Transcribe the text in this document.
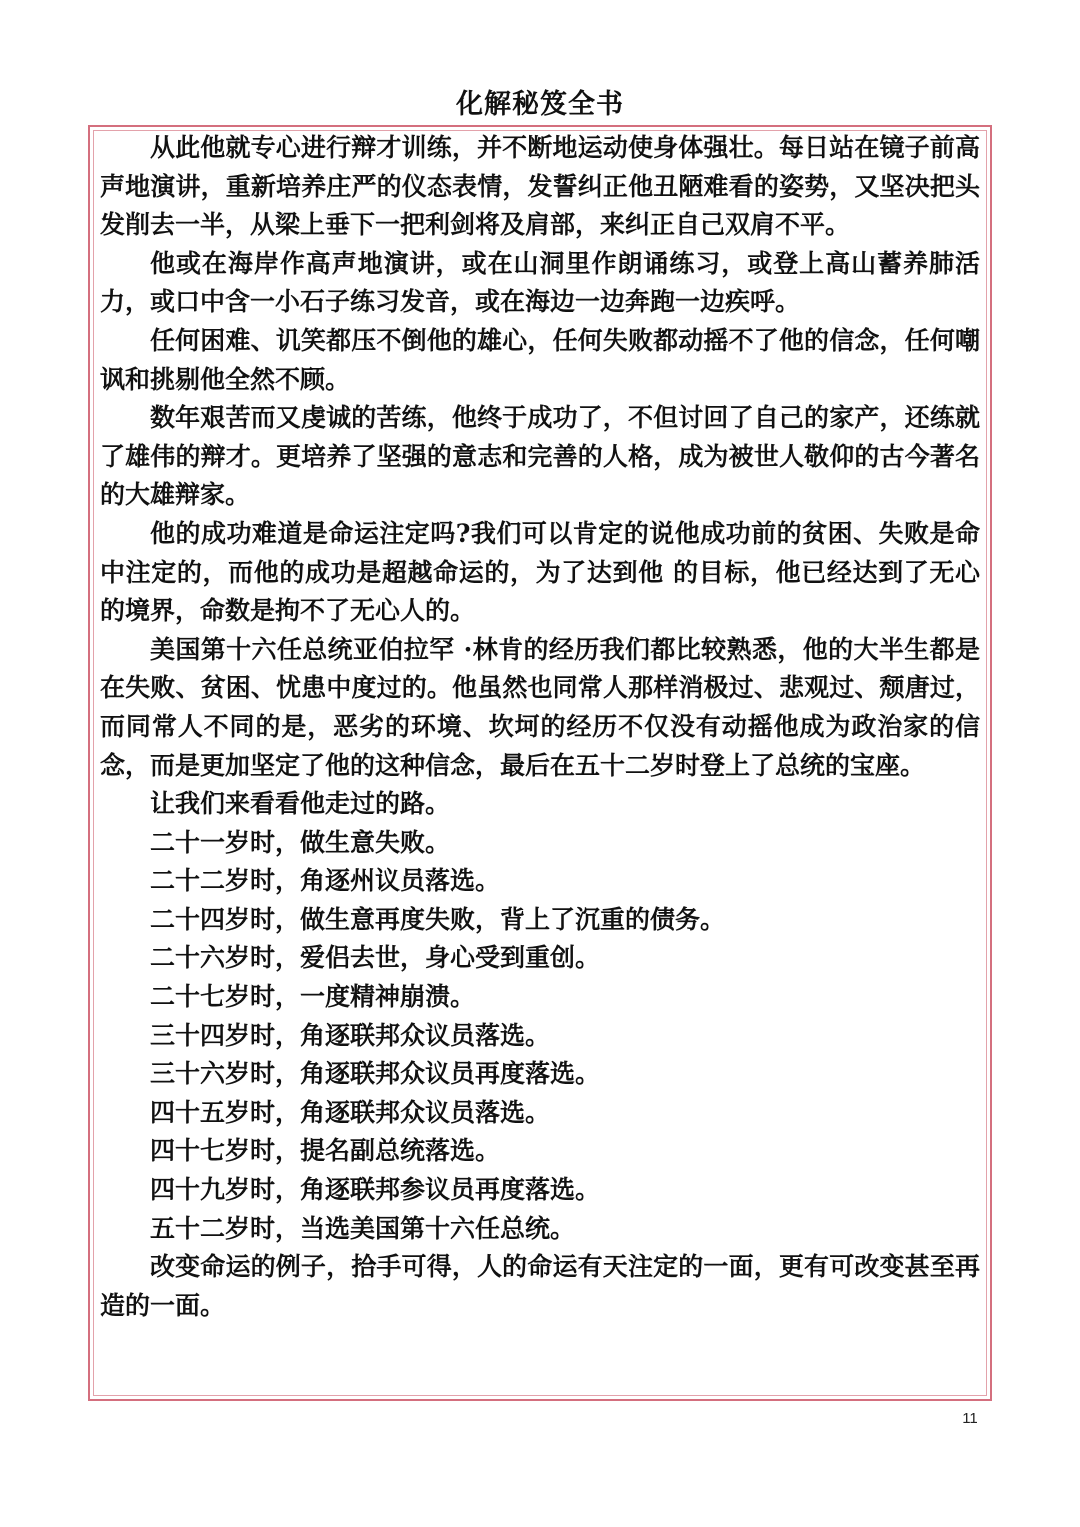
化解秘笈全书

从此他就专心进行辩才训练，并不断地运动使身体强壮。每日站在镜子前高声地演讲，重新培养庄严的仪态表情，发誓纠正他丑陋难看的姿势，又坚决把头发削去一半，从梁上垂下一把利剑将及肩部，来纠正自己双肩不平。

他或在海岸作高声地演讲，或在山洞里作朗诵练习，或登上高山蓄养肺活力，或口中含一小石子练习发音，或在海边一边奔跑一边疾呼。

任何困难、讥笑都压不倒他的雄心，任何失败都动摇不了他的信念，任何嘲讽和挑剔他全然不顾。

数年艰苦而又虔诚的苦练，他终于成功了，不但讨回了自己的家产，还练就了雄伟的辩才。更培养了坚强的意志和完善的人格，成为被世人敬仰的古今著名的大雄辩家。

他的成功难道是命运注定吗?我们可以肯定的说他成功前的贫困、失败是命中注定的，而他的成功是超越命运的，为了达到他 的目标，他已经达到了无心的境界，命数是拘不了无心人的。

美国第十六任总统亚伯拉罕 ·林肯的经历我们都比较熟悉，他的大半生都是在失败、贫困、忧患中度过的。他虽然也同常人那样消极过、悲观过、颓唐过，而同常人不同的是，恶劣的环境、坎坷的经历不仅没有动摇他成为政治家的信念，而是更加坚定了他的这种信念，最后在五十二岁时登上了总统的宝座。

让我们来看看他走过的路。

二十一岁时，做生意失败。
二十二岁时，角逐州议员落选。
二十四岁时，做生意再度失败，背上了沉重的债务。
二十六岁时，爱侣去世，身心受到重创。
二十七岁时，一度精神崩溃。
三十四岁时，角逐联邦众议员落选。
三十六岁时，角逐联邦众议员再度落选。
四十五岁时，角逐联邦众议员落选。
四十七岁时，提名副总统落选。
四十九岁时，角逐联邦参议员再度落选。
五十二岁时，当选美国第十六任总统。

改变命运的例子，拾手可得，人的命运有天注定的一面，更有可改变甚至再造的一面。

11
